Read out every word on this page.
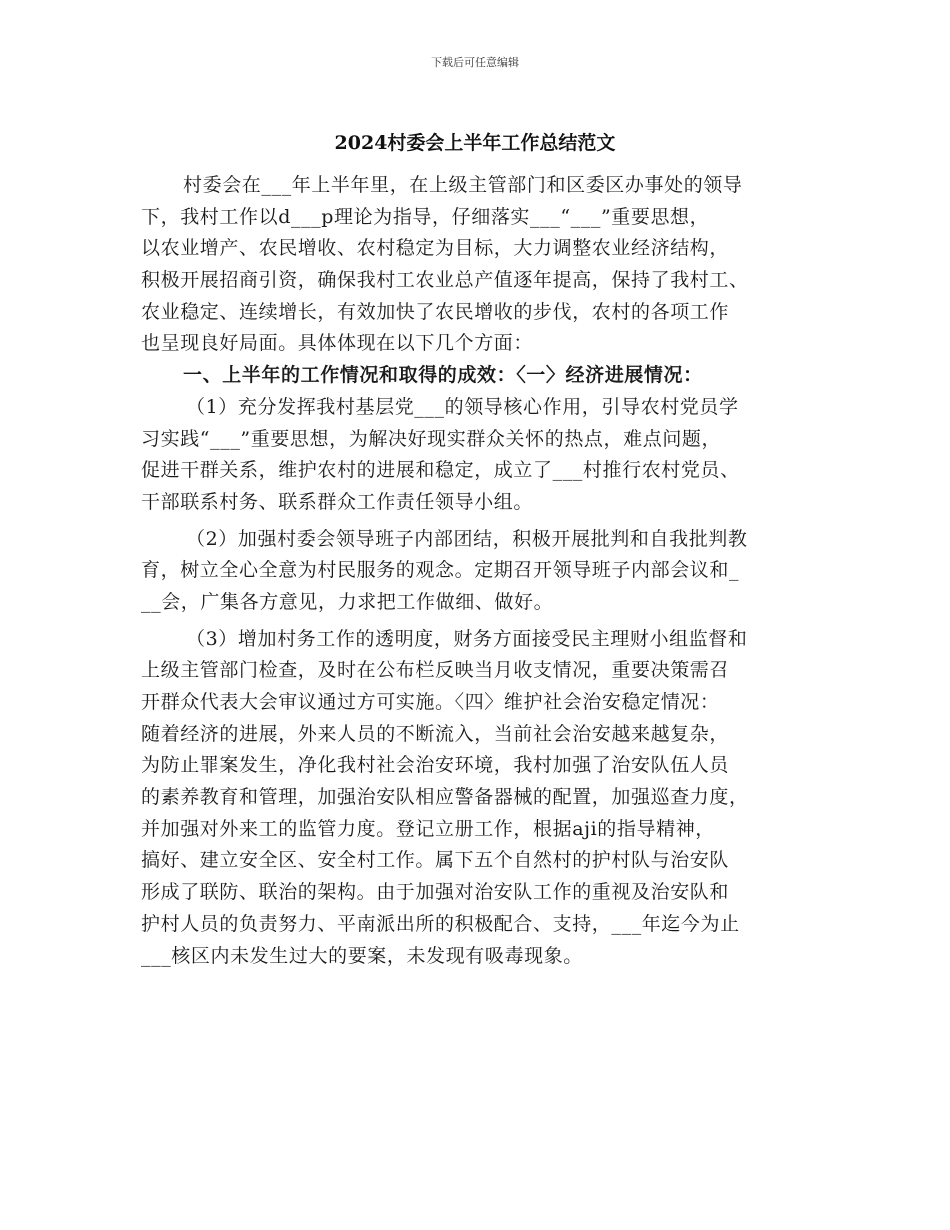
下载后可任意编辑
2024村委会上半年工作总结范文
村委会在___年上半年里，在上级主管部门和区委区办事处的领导
下，我村工作以d___p理论为指导，仔细落实___“___”重要思想，
以农业增产、农民增收、农村稳定为目标，大力调整农业经济结构，
积极开展招商引资，确保我村工农业总产值逐年提高，保持了我村工、
农业稳定、连续增长，有效加快了农民增收的步伐，农村的各项工作
也呈现良好局面。具体体现在以下几个方面：
一、上半年的工作情况和取得的成效：〈一〉经济进展情况：
（1）充分发挥我村基层党___的领导核心作用，引导农村党员学
习实践“___”重要思想，为解决好现实群众关怀的热点，难点问题，
促进干群关系，维护农村的进展和稳定，成立了___村推行农村党员、
干部联系村务、联系群众工作责任领导小组。
（2）加强村委会领导班子内部团结，积极开展批判和自我批判教
育，树立全心全意为村民服务的观念。定期召开领导班子内部会议和_
__会，广集各方意见，力求把工作做细、做好。
（3）增加村务工作的透明度，财务方面接受民主理财小组监督和
上级主管部门检查，及时在公布栏反映当月收支情况，重要决策需召
开群众代表大会审议通过方可实施。〈四〉维护社会治安稳定情况：
随着经济的进展，外来人员的不断流入，当前社会治安越来越复杂，
为防止罪案发生，净化我村社会治安环境，我村加强了治安队伍人员
的素养教育和管理，加强治安队相应警备器械的配置，加强巡查力度，
并加强对外来工的监管力度。登记立册工作，根据aji的指导精神，
搞好、建立安全区、安全村工作。属下五个自然村的护村队与治安队
形成了联防、联治的架构。由于加强对治安队工作的重视及治安队和
护村人员的负责努力、平南派出所的积极配合、支持，___年迄今为止
___核区内未发生过大的要案，未发现有吸毒现象。
